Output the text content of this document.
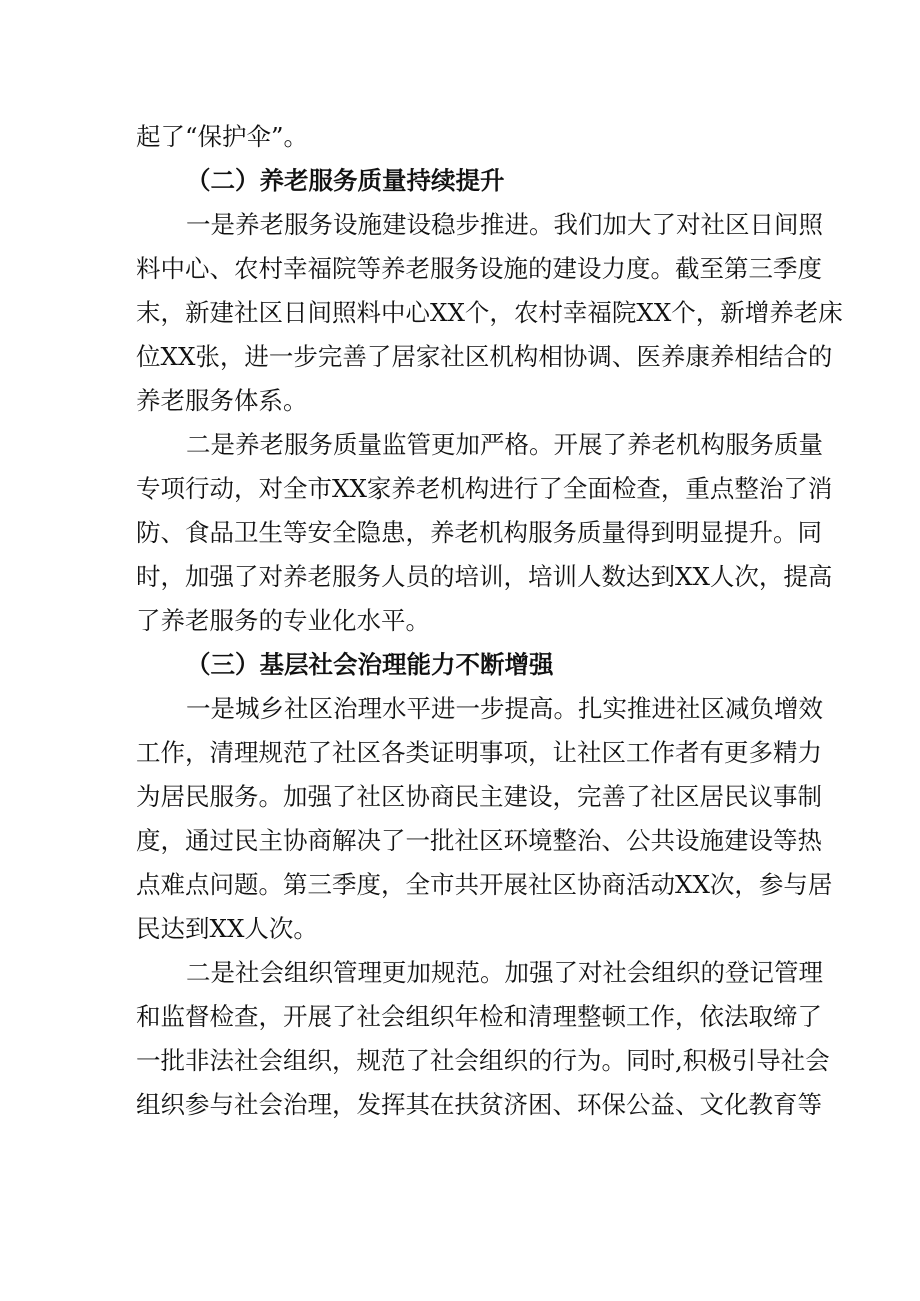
起了“保护伞”。
（二）养老服务质量持续提升
一是养老服务设施建设稳步推进。我们加大了对社区日间照
料中心、农村幸福院等养老服务设施的建设力度。截至第三季度
末，新建社区日间照料中心XX个，农村幸福院XX个，新增养老床
位XX张，进一步完善了居家社区机构相协调、医养康养相结合的
养老服务体系。
二是养老服务质量监管更加严格。开展了养老机构服务质量
专项行动，对全市XX家养老机构进行了全面检查，重点整治了消
防、食品卫生等安全隐患，养老机构服务质量得到明显提升。同
时，加强了对养老服务人员的培训，培训人数达到XX人次，提高
了养老服务的专业化水平。
（三）基层社会治理能力不断增强
一是城乡社区治理水平进一步提高。扎实推进社区减负增效
工作，清理规范了社区各类证明事项，让社区工作者有更多精力
为居民服务。加强了社区协商民主建设，完善了社区居民议事制
度，通过民主协商解决了一批社区环境整治、公共设施建设等热
点难点问题。第三季度，全市共开展社区协商活动XX次，参与居
民达到XX人次。
二是社会组织管理更加规范。加强了对社会组织的登记管理
和监督检查，开展了社会组织年检和清理整顿工作，依法取缔了
一批非法社会组织，规范了社会组织的行为。同时,积极引导社会
组织参与社会治理，发挥其在扶贫济困、环保公益、文化教育等
